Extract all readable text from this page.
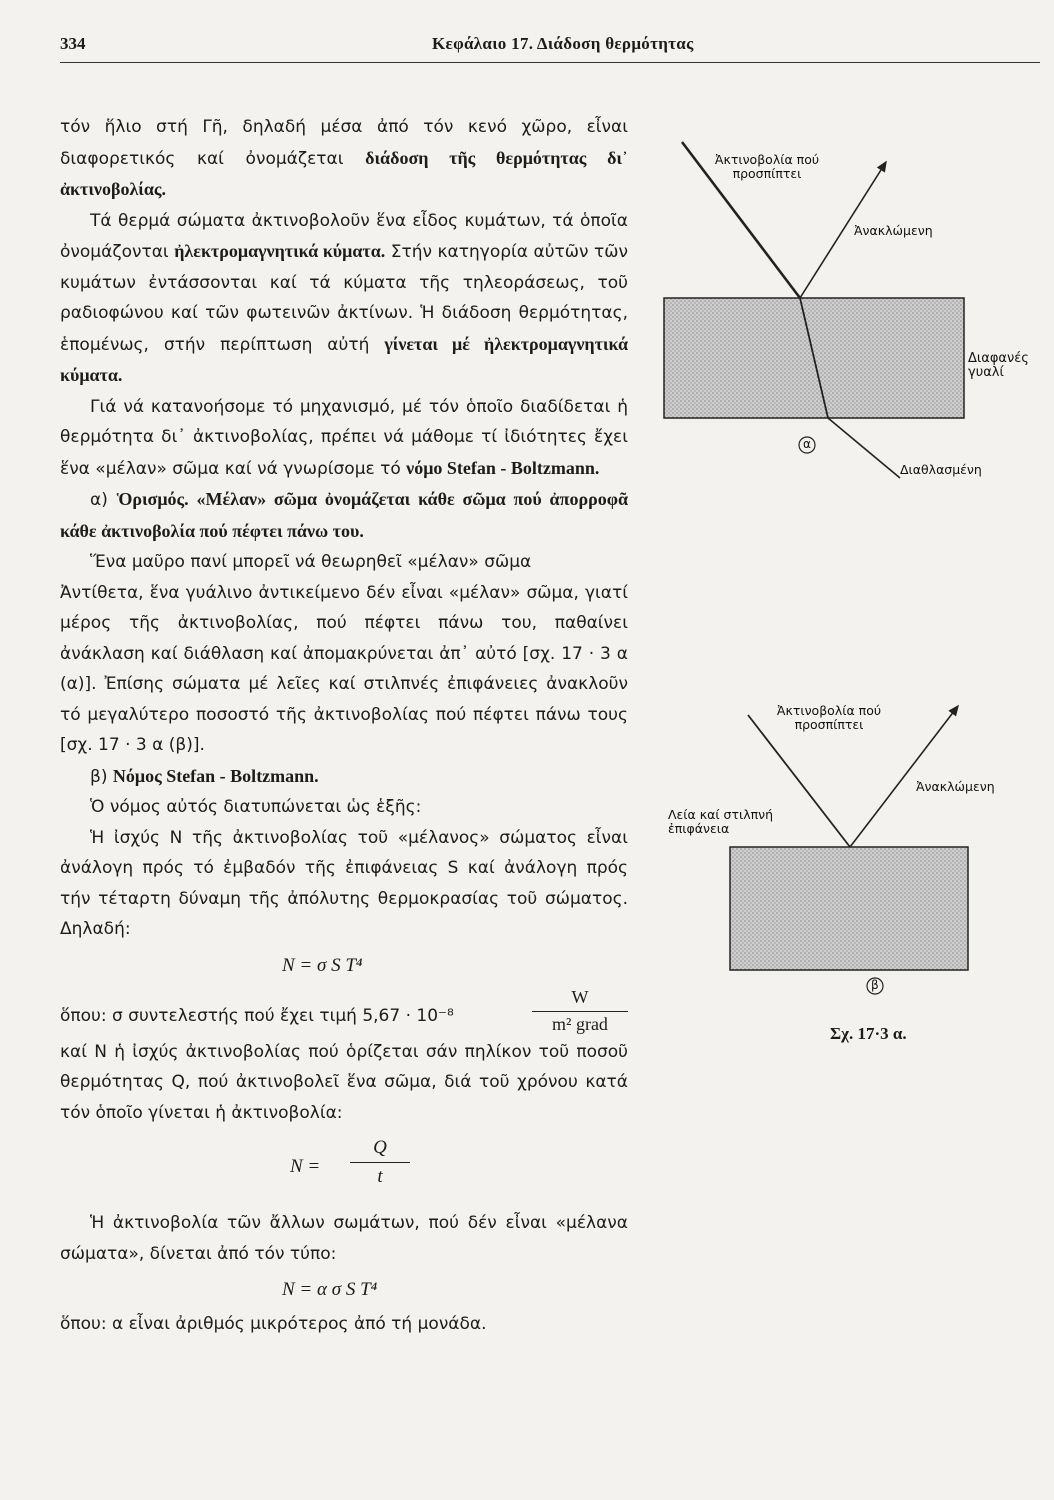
334	Κεφάλαιο 17. Διάδοση θερμότητας

τόν ἥλιο στή Γῆ, δηλαδή μέσα ἀπό τόν κενό χῶρο, εἶναι διαφορετικός καί ὀνομάζεται διάδοση τῆς θερμότητας δι᾽ ἀκτινοβολίας.

Τά θερμά σώματα ἀκτινοβολοῦν ἕνα εἶδος κυμάτων, τά ὁποῖα ὀνομάζονται ἠλεκτρομαγνητικά κύματα. Στήν κατηγορία αὐτῶν τῶν κυμάτων ἐντάσσονται καί τά κύματα τῆς τηλεοράσεως, τοῦ ραδιοφώνου καί τῶν φωτεινῶν ἀκτίνων. Ἡ διάδοση θερμότητας, ἑπομένως, στήν περίπτωση αὐτή γίνεται μέ ἠλεκτρομαγνητικά κύματα.

Γιά νά κατανοήσομε τό μηχανισμό, μέ τόν ὁποῖο διαδίδεται ἡ θερμότητα δι᾽ ἀκτινοβολίας, πρέπει νά μάθομε τί ἰδιότητες ἔχει ἕνα «μέλαν» σῶμα καί νά γνωρίσομε τό νόμο Stefan - Boltzmann.

α) Ὁρισμός. «Μέλαν» σῶμα ὀνομάζεται κάθε σῶμα πού ἀπορροφᾶ κάθε ἀκτινοβολία πού πέφτει πάνω του.

Ἕνα μαῦρο πανί μπορεῖ νά θεωρηθεῖ «μέλαν» σῶμα

Ἀντίθετα, ἕνα γυάλινο ἀντικείμενο δέν εἶναι «μέλαν» σῶμα, γιατί μέρος τῆς ἀκτινοβολίας, πού πέφτει πάνω του, παθαίνει ἀνάκλαση καί διάθλαση καί ἀπομακρύνεται ἀπ᾽ αὐτό [σχ. 17 · 3 α (α)]. Ἐπίσης σώματα μέ λεῖες καί στιλπνές ἐπιφάνειες ἀνακλοῦν τό μεγαλύτερο ποσοστό τῆς ἀκτινοβολίας πού πέφτει πάνω τους [σχ. 17 · 3 α (β)].

β) Νόμος Stefan - Boltzmann.

Ὁ νόμος αὐτός διατυπώνεται ὡς ἑξῆς:

Ἡ ἰσχύς Ν τῆς ἀκτινοβολίας τοῦ «μέλανος» σώματος εἶναι ἀνάλογη πρός τό ἐμβαδόν τῆς ἐπιφάνειας S καί ἀνάλογη πρός τήν τέταρτη δύναμη τῆς ἀπόλυτης θερμοκρασίας τοῦ σώματος. Δηλαδή:

N = σ S T⁴
ὅπου: σ συντελεστής πού ἔχει τιμή 5,67 · 10⁻⁸
W
m² grad

καί Ν ἡ ἰσχύς ἀκτινοβολίας πού ὁρίζεται σάν πηλίκον τοῦ ποσοῦ θερμότητας Q, πού ἀκτινοβολεῖ ἕνα σῶμα, διά τοῦ χρόνου κατά τόν ὁποῖο γίνεται ἡ ἀκτινοβολία:

$N = \frac{Q}{t}$

Ἡ ἀκτινοβολία τῶν ἄλλων σωμάτων, πού δέν εἶναι «μέλανα σώματα», δίνεται ἀπό τόν τύπο:

N = α σ S T⁴

ὅπου: α εἶναι ἀριθμός μικρότερος ἀπό τή μονάδα.

Ἀκτινοβολία πού προσπίπτει
Ἀνακλώμενη
Διαφανές γυαλί
α
Διαθλασμένη
Ἀκτινοβολία πού προσπίπτει
Ἀνακλώμενη
Λεία καί στιλπνή ἐπιφάνεια
β
Σχ. 17·3 α.
